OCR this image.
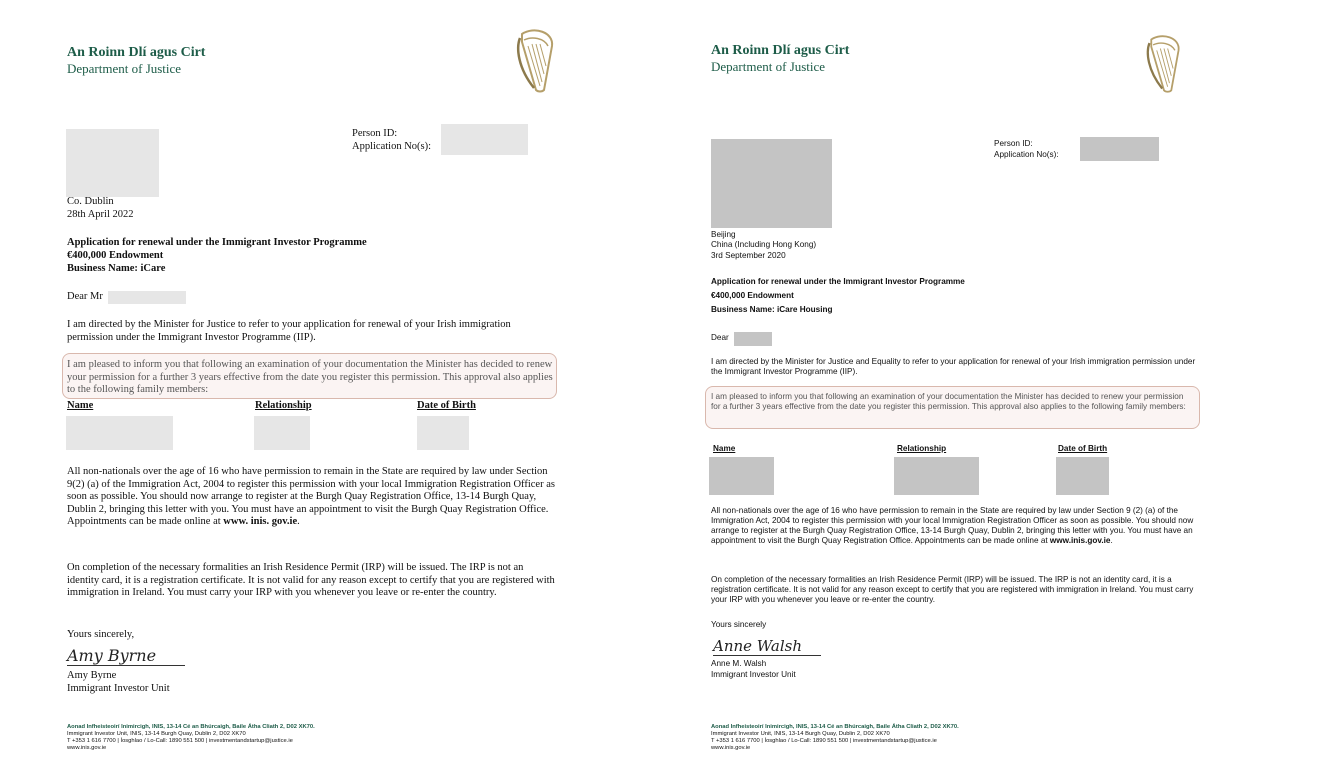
An Roinn Dlí agus Cirt
Department of Justice
Person ID:
Application No(s):
Co. Dublin
28th April 2022
Application for renewal under the Immigrant Investor Programme
€400,000 Endowment
Business Name: iCare
Dear Mr
I am directed by the Minister for Justice to refer to your application for renewal of your Irish immigration permission under the Immigrant Investor Programme (IIP).
I am pleased to inform you that following an examination of your documentation the Minister has decided to renew your permission for a further 3 years effective from the date you register this permission. This approval also applies to the following family members:
Name	Relationship	Date of Birth
All non-nationals over the age of 16 who have permission to remain in the State are required by law under Section 9(2) (a) of the Immigration Act, 2004 to register this permission with your local Immigration Registration Officer as soon as possible. You should now arrange to register at the Burgh Quay Registration Office, 13-14 Burgh Quay, Dublin 2, bringing this letter with you. You must have an appointment to visit the Burgh Quay Registration Office. Appointments can be made online at www. inis. gov.ie.
On completion of the necessary formalities an Irish Residence Permit (IRP) will be issued. The IRP is not an identity card, it is a registration certificate. It is not valid for any reason except to certify that you are registered with immigration in Ireland. You must carry your IRP with you whenever you leave or re-enter the country.
Yours sincerely,
Amy Byrne
Amy Byrne
Immigrant Investor Unit
Aonad Infheisteoirí Inimircigh, INIS, 13-14 Cé an Bhúrcaigh, Baile Átha Cliath 2, D02 XK70.
Immigrant Investor Unit, INIS, 13-14 Burgh Quay, Dublin 2, D02 XK70
T +353 1 616 7700 | Íosghlao / Lo-Call: 1890 551 500 | investmentandstartup@justice.ie
www.inis.gov.ie
An Roinn Dlí agus Cirt
Department of Justice
Person ID:
Application No(s):
Beijing
China (Including Hong Kong)
3rd September 2020
Application for renewal under the Immigrant Investor Programme
€400,000 Endowment
Business Name: iCare Housing
Dear
I am directed by the Minister for Justice and Equality to refer to your application for renewal of your Irish immigration permission under the Immigrant Investor Programme (IIP).
I am pleased to inform you that following an examination of your documentation the Minister has decided to renew your permission for a further 3 years effective from the date you register this permission. This approval also applies to the following family members:
Name	Relationship	Date of Birth
All non-nationals over the age of 16 who have permission to remain in the State are required by law under Section 9 (2) (a) of the Immigration Act, 2004 to register this permission with your local Immigration Registration Officer as soon as possible. You should now arrange to register at the Burgh Quay Registration Office, 13-14 Burgh Quay, Dublin 2, bringing this letter with you. You must have an appointment to visit the Burgh Quay Registration Office. Appointments can be made online at www.inis.gov.ie.
On completion of the necessary formalities an Irish Residence Permit (IRP) will be issued. The IRP is not an identity card, it is a registration certificate. It is not valid for any reason except to certify that you are registered with immigration in Ireland. You must carry your IRP with you whenever you leave or re-enter the country.
Yours sincerely
Anne Walsh
Anne M. Walsh
Immigrant Investor Unit
Aonad Infheisteoirí Inimircigh, INIS, 13-14 Cé an Bhúrcaigh, Baile Átha Cliath 2, D02 XK70.
Immigrant Investor Unit, INIS, 13-14 Burgh Quay, Dublin 2, D02 XK70
T +353 1 616 7700 | Íosghlao / Lo-Call: 1890 551 500 | investmentandstartup@justice.ie
www.inis.gov.ie
